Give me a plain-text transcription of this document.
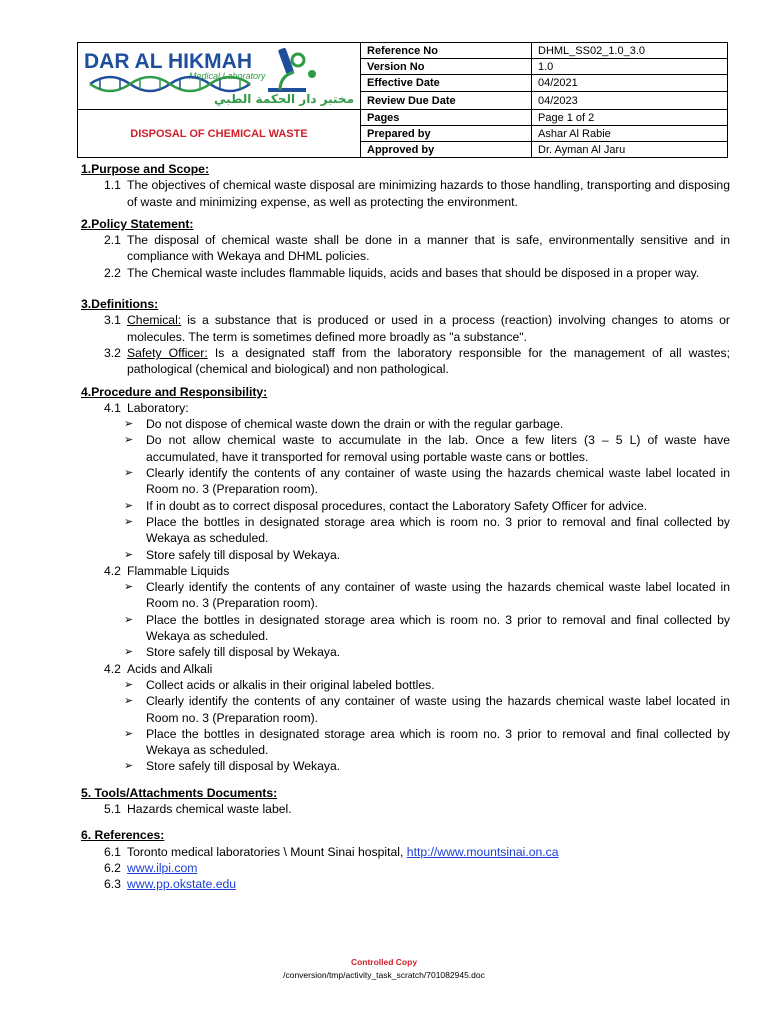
DAR AL HIKMAH
Medical Laboratory
مختبر دار الحكمة الطبي	Reference No	DHML_SS02_1.0_3.0
	Version No	1.0
	Effective Date	04/2021
	Review Due Date	04/2023
DISPOSAL OF CHEMICAL WASTE	Pages	Page 1 of 2
	Prepared by	Ashar Al Rabie
	Approved by	Dr. Ayman Al Jaru

1.Purpose and Scope:

1.1 The objectives of chemical waste disposal are minimizing hazards to those handling, transporting and disposing of waste and minimizing expense, as well as protecting the environment.

2.Policy Statement:

2.1 The disposal of chemical waste shall be done in a manner that is safe, environmentally sensitive and in compliance with Wekaya and DHML policies.

2.2 The Chemical waste includes flammable liquids, acids and bases that should be disposed in a proper way.

3.Definitions:

3.1 Chemical: is a substance that is produced or used in a process (reaction) involving changes to atoms or molecules. The term is sometimes defined more broadly as "a substance".

3.2 Safety Officer: Is a designated staff from the laboratory responsible for the management of all wastes; pathological (chemical and biological) and non pathological.

4.Procedure and Responsibility:

4.1 Laboratory:

➢ Do not dispose of chemical waste down the drain or with the regular garbage.

➢ Do not allow chemical waste to accumulate in the lab. Once a few liters (3 – 5 L) of waste have accumulated, have it transported for removal using portable waste cans or bottles.

➢ Clearly identify the contents of any container of waste using the hazards chemical waste label located in Room no. 3 (Preparation room).

➢ If in doubt as to correct disposal procedures, contact the Laboratory Safety Officer for advice.

➢ Place the bottles in designated storage area which is room no. 3 prior to removal and final collected by Wekaya as scheduled.

➢ Store safely till disposal by Wekaya.

4.2 Flammable Liquids

➢ Clearly identify the contents of any container of waste using the hazards chemical waste label located in Room no. 3 (Preparation room).

➢ Place the bottles in designated storage area which is room no. 3 prior to removal and final collected by Wekaya as scheduled.

➢ Store safely till disposal by Wekaya.

4.2 Acids and Alkali

➢ Collect acids or alkalis in their original labeled bottles.

➢ Clearly identify the contents of any container of waste using the hazards chemical waste label located in Room no. 3 (Preparation room).

➢ Place the bottles in designated storage area which is room no. 3 prior to removal and final collected by Wekaya as scheduled.

➢ Store safely till disposal by Wekaya.

5. Tools/Attachments Documents:

5.1 Hazards chemical waste label.

6. References:

6.1 Toronto medical laboratories \ Mount Sinai hospital, http://www.mountsinai.on.ca

6.2 www.ilpi.com

6.3 www.pp.okstate.edu

Controlled Copy
/conversion/tmp/activity_task_scratch/701082945.doc
